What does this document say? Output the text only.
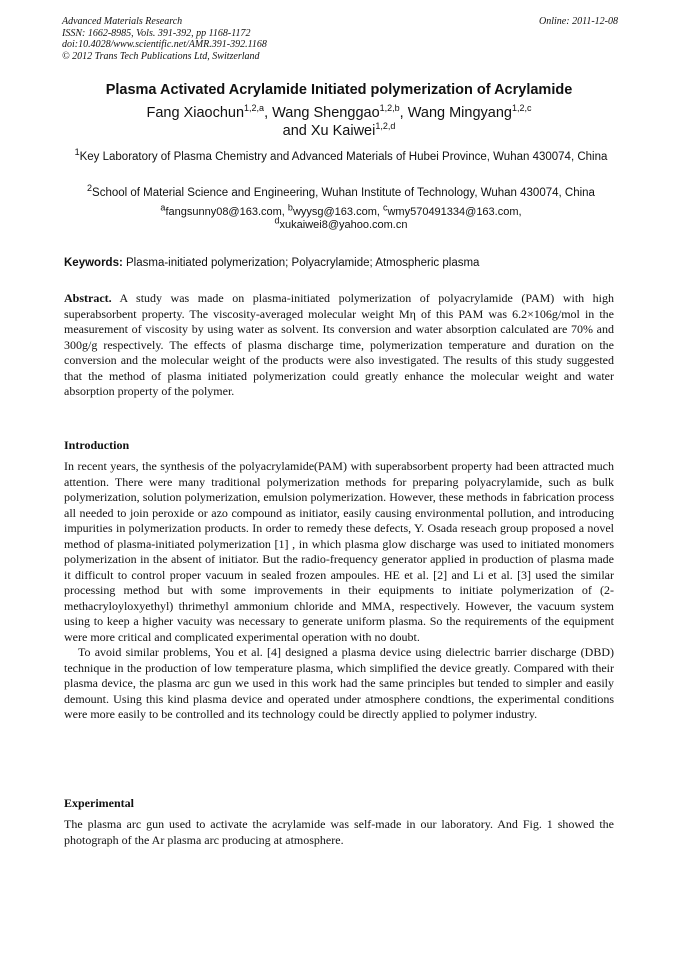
Advanced Materials Research
ISSN: 1662-8985, Vols. 391-392, pp 1168-1172
doi:10.4028/www.scientific.net/AMR.391-392.1168
© 2012 Trans Tech Publications Ltd, Switzerland
Online: 2011-12-08
Plasma Activated Acrylamide Initiated polymerization of Acrylamide
Fang Xiaochun$^{1,2,a}$, Wang Shenggao$^{1,2,b}$, Wang Mingyang$^{1,2,c}$
and Xu Kaiwei$^{1,2,d}$
$^1$Key Laboratory of Plasma Chemistry and Advanced Materials of Hubei Province, Wuhan 430074, China
$^2$School of Material Science and Engineering, Wuhan Institute of Technology, Wuhan 430074, China
$^a$fangsunny08@163.com, $^b$wyysg@163.com, $^c$wmy570491334@163.com,
$^d$xukaiwei8@yahoo.com.cn
Keywords: Plasma-initiated polymerization; Polyacrylamide; Atmospheric plasma

Abstract. A study was made on plasma-initiated polymerization of polyacrylamide (PAM) with high superabsorbent property. The viscosity-averaged molecular weight Mη of this PAM was 6.2×106g/mol in the measurement of viscosity by using water as solvent. Its conversion and water absorption calculated are 70% and 300g/g respectively. The effects of plasma discharge time, polymerization temperature and duration on the conversion and the molecular weight of the products were also investigated. The results of this study suggested that the method of plasma initiated polymerization could greatly enhance the molecular weight and water absorption property of the polymer.

Introduction

In recent years, the synthesis of the polyacrylamide(PAM) with superabsorbent property had been attracted much attention. There were many traditional polymerization methods for preparing polyacrylamide, such as bulk polymerization, solution polymerization, emulsion polymerization. However, these methods in fabrication process all needed to join peroxide or azo compound as initiator, easily causing environmental pollution, and introducing impurities in polymerization products. In order to remedy these defects, Y. Osada reseach group proposed a novel method of plasma-initiated polymerization [1] , in which plasma glow discharge was used to initiated monomers polymerization in the absent of initiator. But the radio-frequency generator applied in production of plasma made it difficult to control proper vacuum in sealed frozen ampoules. HE et al. [2] and Li et al. [3] used the similar processing method but with some improvements in their equipments to initiate polymerization of (2-methacryloyloxyethyl) thrimethyl ammonium chloride and MMA, respectively. However, the vacuum system using to keep a higher vacuity was necessary to generate uniform plasma. So the requirements of the equipment were more critical and complicated experimental operation with no doubt.

To avoid similar problems, You et al. [4] designed a plasma device using dielectric barrier discharge (DBD) technique in the production of low temperature plasma, which simplified the device greatly. Compared with their plasma device, the plasma arc gun we used in this work had the same principles but tended to simpler and easily demount. Using this kind plasma device and operated under atmosphere condtions, the experimental conditions were more easily to be controlled and its technology could be directly applied to polymer industry.

Experimental

The plasma arc gun used to activate the acrylamide was self-made in our laboratory. And Fig. 1 showed the photograph of the Ar plasma arc producing at atmosphere.
